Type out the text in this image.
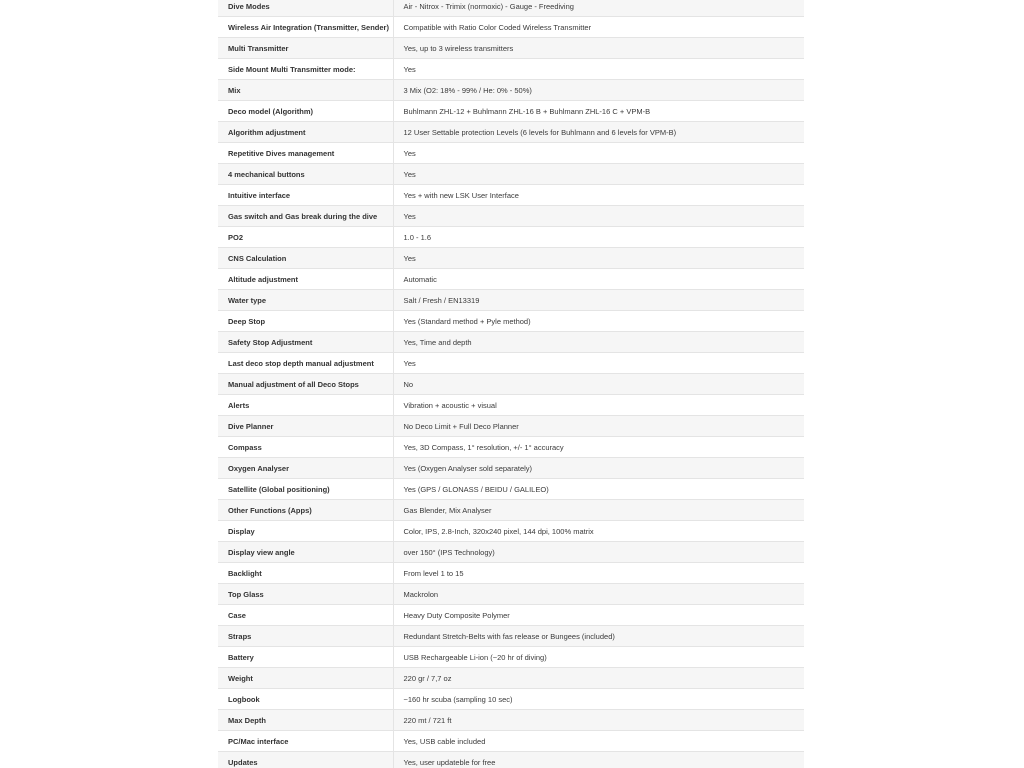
Dive Modes	Air - Nitrox - Trimix (normoxic) - Gauge - Freediving
Wireless Air Integration (Transmitter, Sender)	Compatible with Ratio Color Coded Wireless Transmitter
Multi Transmitter	Yes, up to 3 wireless transmitters
Side Mount Multi Transmitter mode:	Yes
Mix	3 Mix (O2: 18% - 99% / He: 0% - 50%)
Deco model (Algorithm)	Buhlmann ZHL-12 + Buhlmann ZHL-16 B + Buhlmann ZHL-16 C + VPM-B
Algorithm adjustment	12 User Settable protection Levels (6 levels for Buhlmann and 6 levels for VPM-B)
Repetitive Dives management	Yes
4 mechanical buttons	Yes
Intuitive interface	Yes + with new LSK User Interface
Gas switch and Gas break during the dive	Yes
PO2	1.0 - 1.6
CNS Calculation	Yes
Altitude adjustment	Automatic
Water type	Salt / Fresh / EN13319
Deep Stop	Yes (Standard method + Pyle method)
Safety Stop Adjustment	Yes, Time and depth
Last deco stop depth manual adjustment	Yes
Manual adjustment of all Deco Stops	No
Alerts	Vibration + acoustic + visual
Dive Planner	No Deco Limit + Full Deco Planner
Compass	Yes, 3D Compass, 1° resolution, +/- 1° accuracy
Oxygen Analyser	Yes (Oxygen Analyser sold separately)
Satellite (Global positioning)	Yes (GPS / GLONASS / BEIDU / GALILEO)
Other Functions (Apps)	Gas Blender, Mix Analyser
Display	Color, IPS, 2.8-Inch, 320x240 pixel, 144 dpi, 100% matrix
Display view angle	over 150° (IPS Technology)
Backlight	From level 1 to 15
Top Glass	Mackrolon
Case	Heavy Duty Composite Polymer
Straps	Redundant Stretch-Belts with fas release or Bungees (included)
Battery	USB Rechargeable Li-ion (~20 hr of diving)
Weight	220 gr / 7,7 oz
Logbook	~160 hr scuba (sampling 10 sec)
Max Depth	220 mt / 721 ft
PC/Mac interface	Yes, USB cable included
Updates	Yes, user updateble for free
